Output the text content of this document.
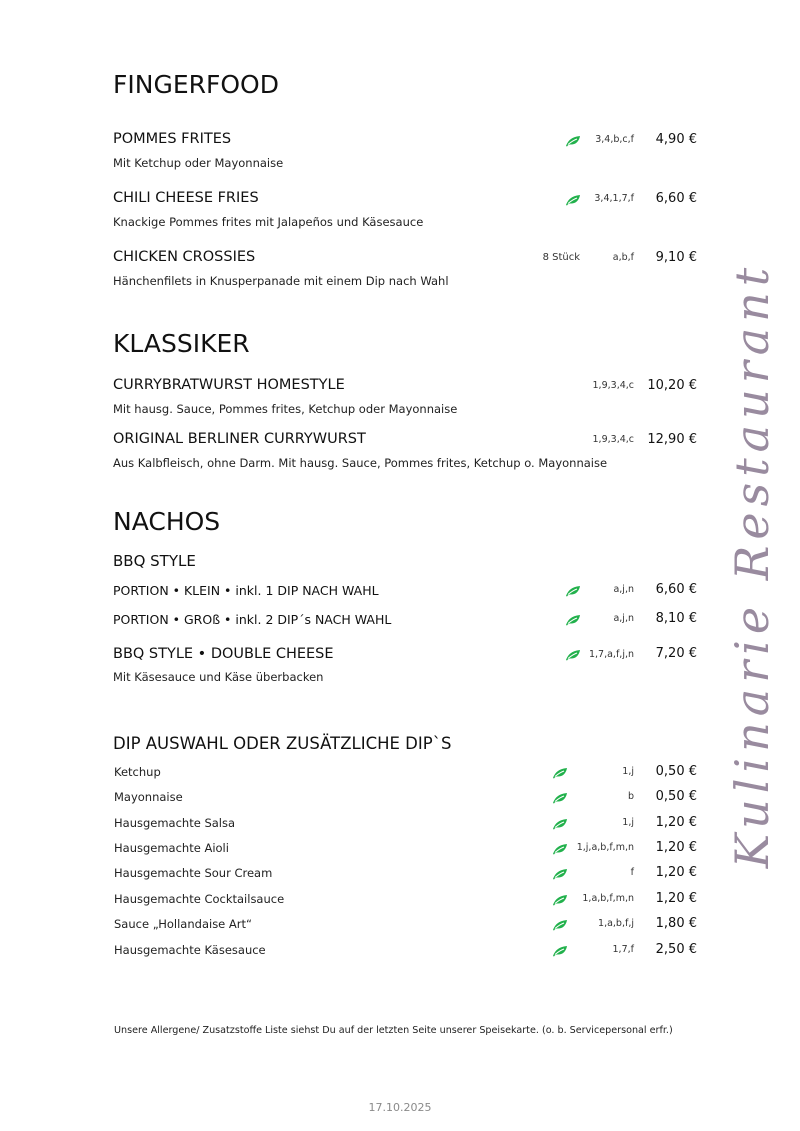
FINGERFOOD
POMMES FRITES	3,4,b,c,f 4,90 €
Mit Ketchup oder Mayonnaise
CHILI CHEESE FRIES	3,4,1,7,f 6,60 €
Knackige Pommes frites mit Jalapeños und Käsesauce
CHICKEN CROSSIES	8 Stück	a,b,f 9,10 €
Hänchenfilets in Knusperpanade mit einem Dip nach Wahl
KLASSIKER
CURRYBRATWURST HOMESTYLE	1,9,3,4,c 10,20 €
Mit hausg. Sauce, Pommes frites, Ketchup oder Mayonnaise
ORIGINAL BERLINER CURRYWURST	1,9,3,4,c 12,90 €
Aus Kalbfleisch, ohne Darm. Mit hausg. Sauce, Pommes frites, Ketchup o. Mayonnaise
NACHOS
BBQ STYLE
PORTION • KLEIN • inkl. 1 DIP NACH WAHL	a,j,n 6,60 €
PORTION • GROß • inkl. 2 DIP´s NACH WAHL	a,j,n 8,10 €
BBQ STYLE • DOUBLE CHEESE	1,7,a,f,j,n 7,20 €
Mit Käsesauce und Käse überbacken
DIP AUSWAHL ODER ZUSÄTZLICHE DIP`S
Ketchup	1,j 0,50 €
Mayonnaise	b 0,50 €
Hausgemachte Salsa	1,j 1,20 €
Hausgemachte Aioli	1,j,a,b,f,m,n 1,20 €
Hausgemachte Sour Cream	f 1,20 €
Hausgemachte Cocktailsauce	1,a,b,f,m,n 1,20 €
Sauce „Hollandaise Art“	1,a,b,f,j 1,80 €
Hausgemachte Käsesauce	1,7,f 2,50 €
Unsere Allergene/ Zusatzstoffe Liste siehst Du auf der letzten Seite unserer Speisekarte. (o. b. Servicepersonal erfr.)
17.10.2025
Kulinarie Restaurant
